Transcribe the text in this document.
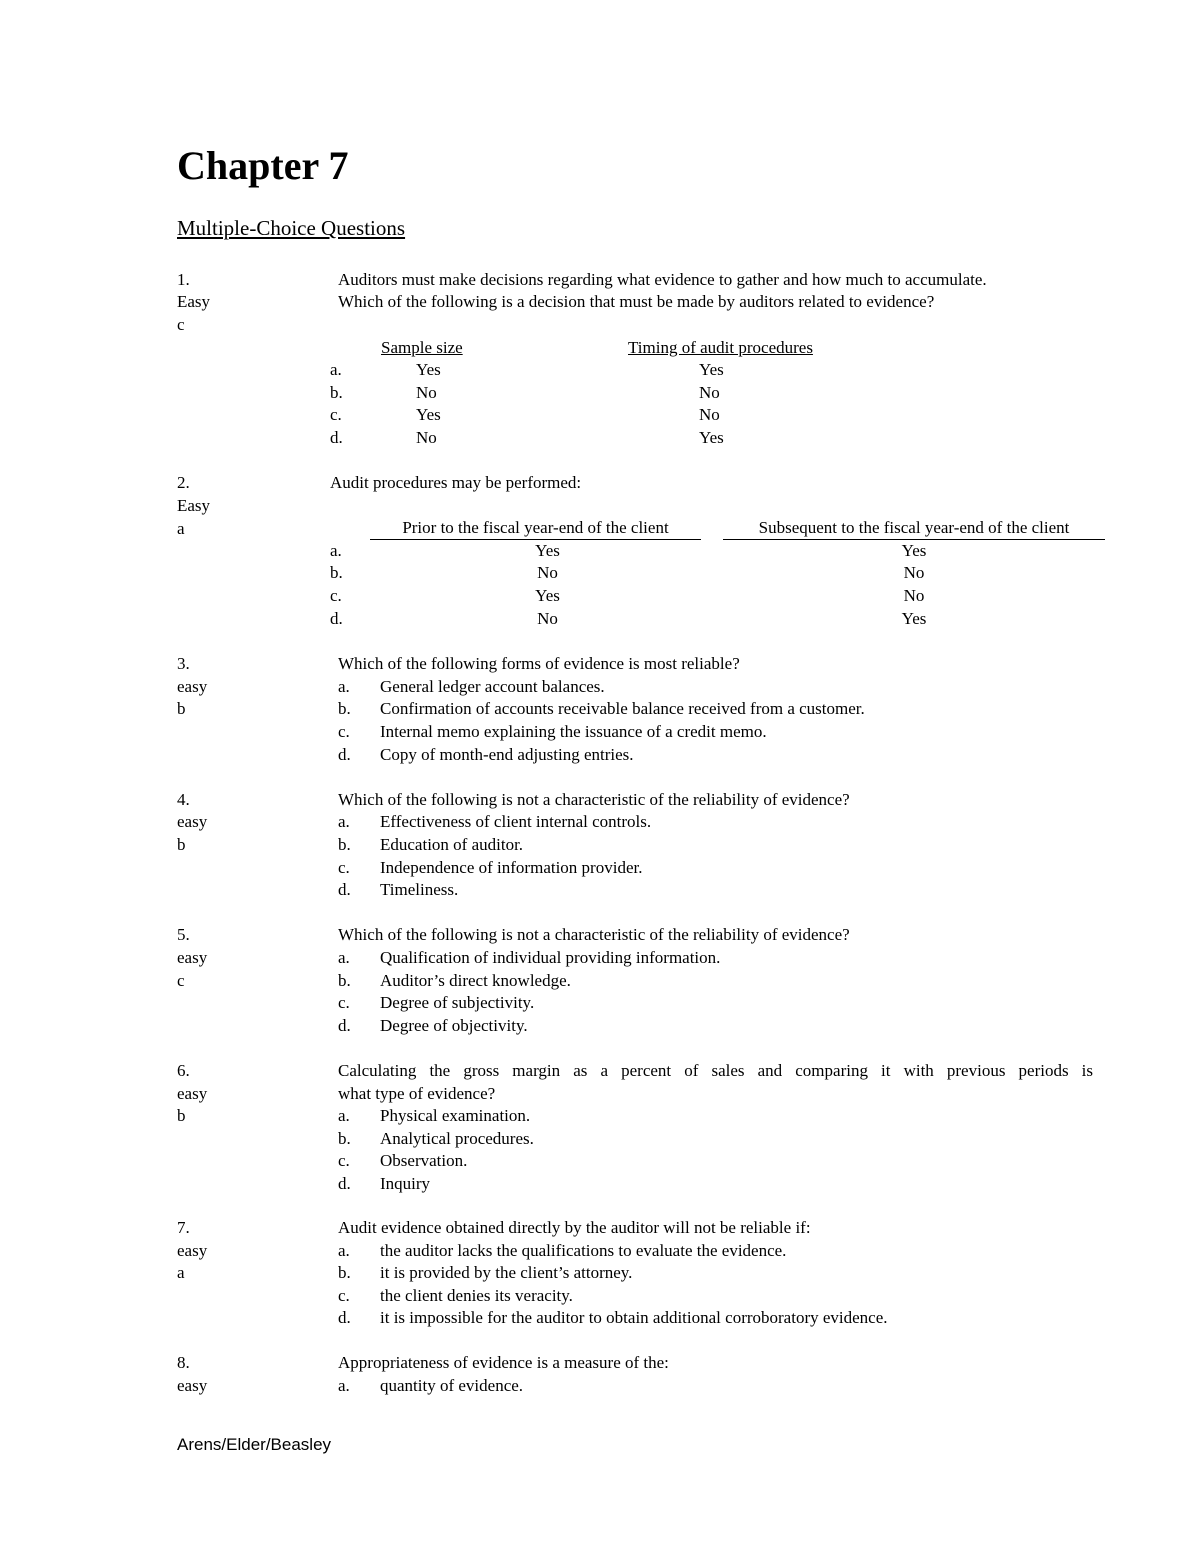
Chapter 7
Multiple-Choice Questions
1.
Easy
c
Auditors must make decisions regarding what evidence to gather and how much to accumulate.
Which of the following is a decision that must be made by auditors related to evidence?
Sample size	Timing of audit procedures
a.	Yes	Yes
b.	No	No
c.	Yes	No
d.	No	Yes
2.
Easy
a
Audit procedures may be performed:
Prior to the fiscal year-end of the client	Subsequent to the fiscal year-end of the client
a.	Yes	Yes
b.	No	No
c.	Yes	No
d.	No	Yes
3.
easy
b
Which of the following forms of evidence is most reliable?
a. General ledger account balances.
b. Confirmation of accounts receivable balance received from a customer.
c. Internal memo explaining the issuance of a credit memo.
d. Copy of month-end adjusting entries.
4.
easy
b
Which of the following is not a characteristic of the reliability of evidence?
a. Effectiveness of client internal controls.
b. Education of auditor.
c. Independence of information provider.
d. Timeliness.
5.
easy
c
Which of the following is not a characteristic of the reliability of evidence?
a. Qualification of individual providing information.
b. Auditor’s direct knowledge.
c. Degree of subjectivity.
d. Degree of objectivity.
6.
easy
b
Calculating the gross margin as a percent of sales and comparing it with previous periods is
what type of evidence?
a. Physical examination.
b. Analytical procedures.
c. Observation.
d. Inquiry
7.
easy
a
Audit evidence obtained directly by the auditor will not be reliable if:
a. the auditor lacks the qualifications to evaluate the evidence.
b. it is provided by the client’s attorney.
c. the client denies its veracity.
d. it is impossible for the auditor to obtain additional corroboratory evidence.
8.
easy
Appropriateness of evidence is a measure of the:
a. quantity of evidence.
Arens/Elder/Beasley
